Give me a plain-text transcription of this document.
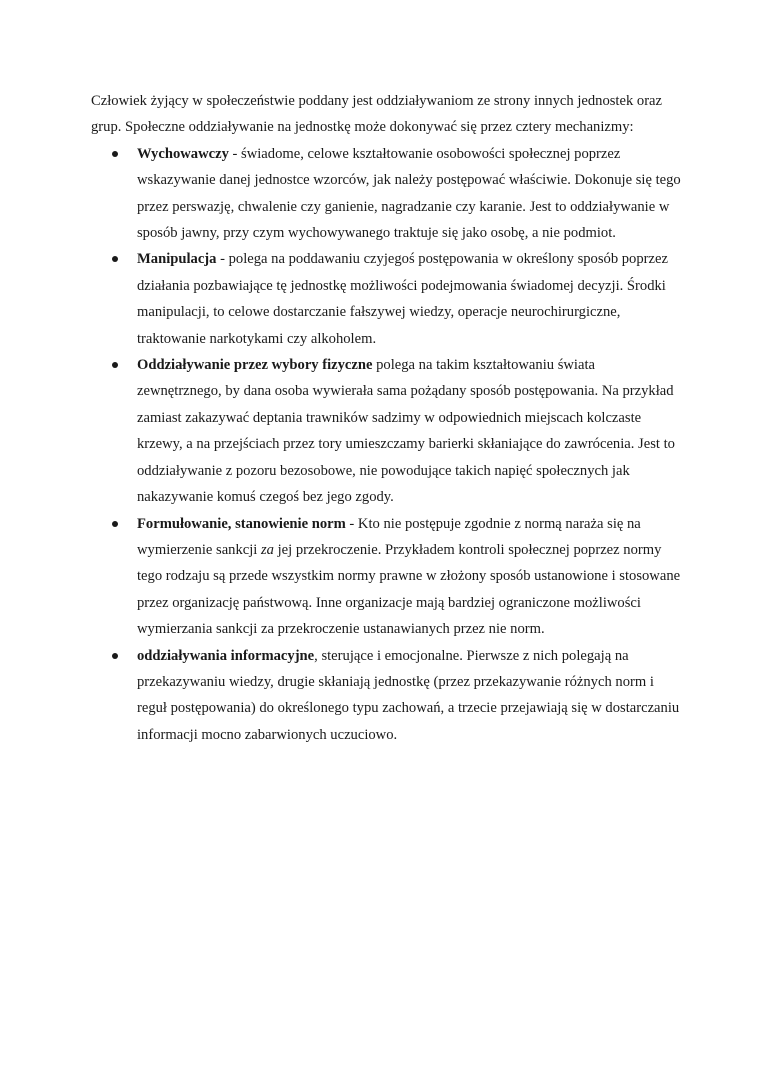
Człowiek żyjący w społeczeństwie poddany jest oddziaływaniom ze strony innych jednostek oraz grup. Społeczne oddziaływanie na jednostkę może dokonywać się przez cztery mechanizmy:

Wychowawczy - świadome, celowe kształtowanie osobowości społecznej poprzez wskazywanie danej jednostce wzorców, jak należy postępować właściwie. Dokonuje się tego przez perswazję, chwalenie czy ganienie, nagradzanie czy karanie. Jest to oddziaływanie w sposób jawny, przy czym wychowywanego traktuje się jako osobę, a nie podmiot.
Manipulacja - polega na poddawaniu czyjegoś postępowania w określony sposób poprzez działania pozbawiające tę jednostkę możliwości podejmowania świadomej decyzji. Środki manipulacji, to celowe dostarczanie fałszywej wiedzy, operacje neurochirurgiczne, traktowanie narkotykami czy alkoholem.
Oddziaływanie przez wybory fizyczne polega na takim kształtowaniu świata zewnętrznego, by dana osoba wywierała sama pożądany sposób postępowania. Na przykład zamiast zakazywać deptania trawników sadzimy w odpowiednich miejscach kolczaste krzewy, a na przejściach przez tory umieszczamy barierki skłaniające do zawrócenia. Jest to oddziaływanie z pozoru bezosobowe, nie powodujące takich napięć społecznych jak nakazywanie komuś czegoś bez jego zgody.
Formułowanie, stanowienie norm - Kto nie postępuje zgodnie z normą naraża się na wymierzenie sankcji za jej przekroczenie. Przykładem kontroli społecznej poprzez normy tego rodzaju są przede wszystkim normy prawne w złożony sposób ustanowione i stosowane przez organizację państwową. Inne organizacje mają bardziej ograniczone możliwości wymierzania sankcji za przekroczenie ustanawianych przez nie norm.
oddziaływania informacyjne, sterujące i emocjonalne. Pierwsze z nich polegają na przekazywaniu wiedzy, drugie skłaniają jednostkę (przez przekazywanie różnych norm i reguł postępowania) do określonego typu zachowań, a trzecie przejawiają się w dostarczaniu informacji mocno zabarwionych uczuciowo.
